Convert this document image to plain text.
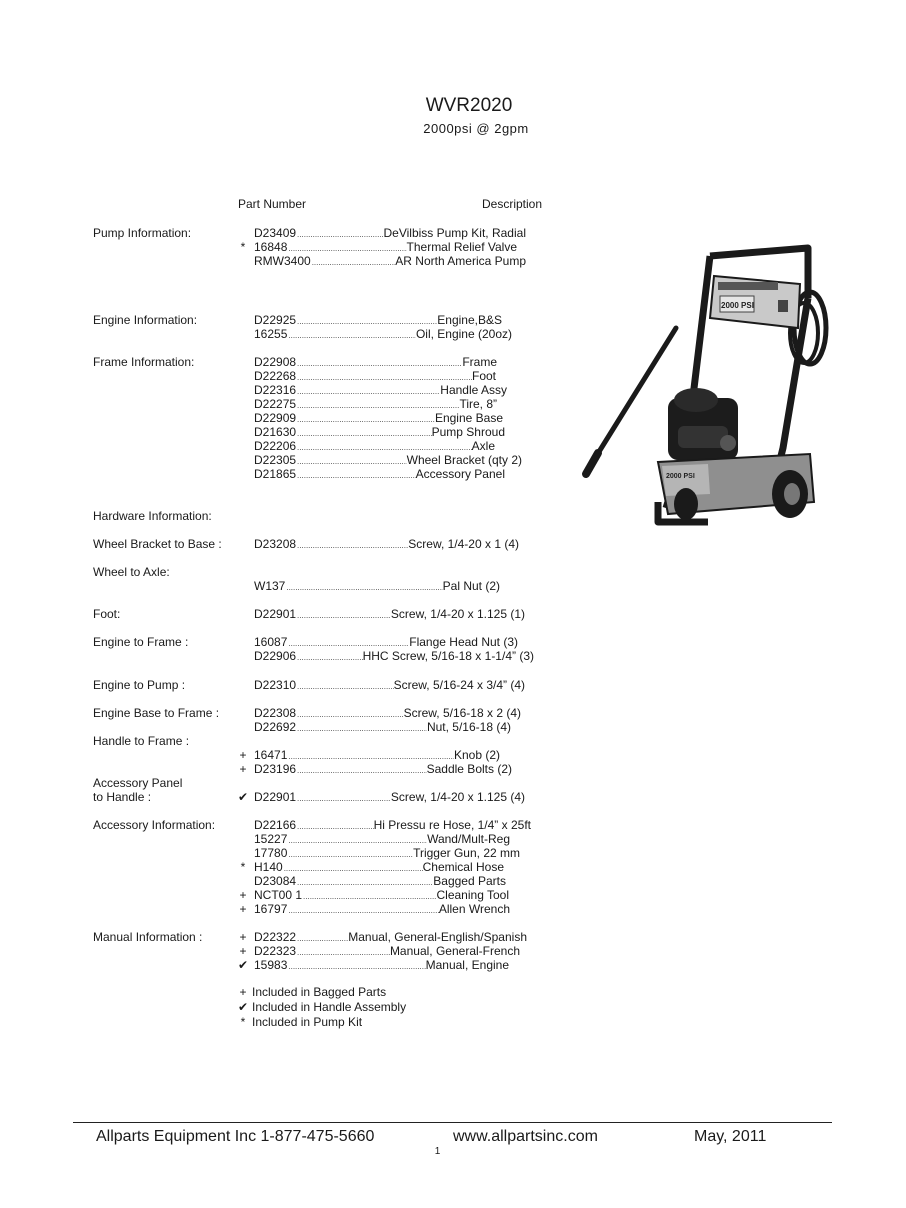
WVR2020
2000psi @ 2gpm
Part Number	Description
Pump Information:	D23409 .....	DeVilbiss Pump Kit, Radial
* 16848 .....	Thermal Relief Valve
RMW3400 .....	AR North America Pump
Engine Information:	D22925 .....	Engine,B&S
16255 .....	Oil, Engine (20oz)
Frame Information:	D22908 .....	Frame
D22268 .....	Foot
D22316 .....	Handle Assy
D22275 .....	Tire, 8”
D22909 .....	Engine Base
D21630 .....	Pump Shroud
D22206 .....	Axle
D22305 .....	Wheel Bracket (qty 2)
D21865 .....	Accessory Panel
Hardware Information:
Wheel Bracket to Base :	D23208 .....	Screw, 1/4-20 x 1 (4)
Wheel to Axle:
W137 .....	Pal Nut (2)
Foot:	D22901 .....	Screw, 1/4-20 x 1.125 (1)
Engine to Frame :	16087 .....	Flange Head Nut (3)
D22906 .....	HHC Screw, 5/16-18 x 1-1/4” (3)
Engine to Pump :	D22310 .....	Screw, 5/16-24 x 3/4” (4)
Engine Base to Frame :	D22308 .....	Screw, 5/16-18 x 2 (4)
D22692 .....	Nut, 5/16-18 (4)
Handle to Frame :
+ 16471 .....	Knob (2)
+ D23196 .....	Saddle Bolts (2)
Accessory Panel
to Handle :	✔ D22901 .....	Screw, 1/4-20 x 1.125 (4)
Accessory Information:	D22166 .....	Hi Pressu re Hose, 1/4” x 25ft
15227 .....	Wand/Mult-Reg
17780 .....	Trigger Gun, 22 mm
* H140 .....	Chemical Hose
D23084 .....	Bagged Parts
+ NCT00 1 .....	Cleaning Tool
+ 16797 .....	Allen Wrench
Manual Information :	+ D22322 .....	Manual, General-English/Spanish
+ D22323 .....	Manual, General-French
✔ 15983 .....	Manual, Engine
2000 PSI
2000 PSI
Allparts Equipment Inc 1-877-475-5660	www.allpartsinc.com	May, 2011
1
+ Included in Bagged Parts
✔ Included in Handle Assembly
* Included in Pump Kit
